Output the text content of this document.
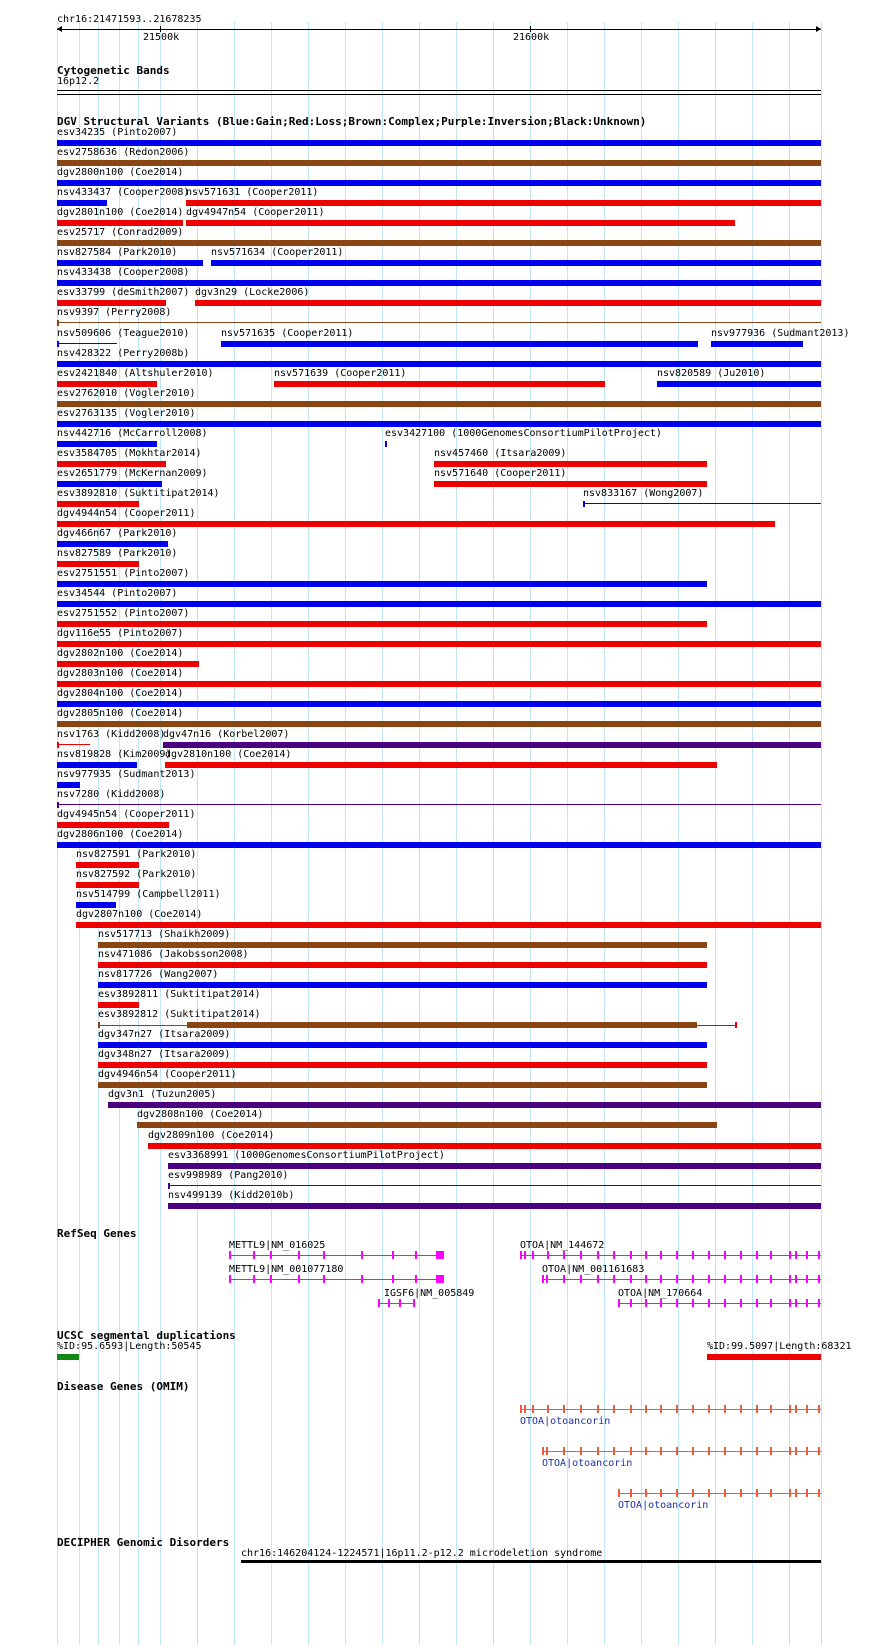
chr16:21471593..21678235
21500k	21600k
Cytogenetic Bands
16p12.2
DGV Structural Variants (Blue:Gain;Red:Loss;Brown:Complex;Purple:Inversion;Black:Unknown)
esv34235 (Pinto2007)
esv2758636 (Redon2006)
dgv2800n100 (Coe2014)
nsv433437 (Cooper2008)
nsv571631 (Cooper2011)
dgv2801n100 (Coe2014) dgv4947n54 (Cooper2011)
esv25717 (Conrad2009)
nsv827584 (Park2010)	nsv571634 (Cooper2011)
nsv433438 (Cooper2008)
esv33799 (deSmith2007) dgv3n29 (Locke2006)
nsv9397 (Perry2008)
nsv509606 (Teague2010)	nsv571635 (Cooper2011)	nsv977936 (Sudmant2013)
nsv428322 (Perry2008b)
esv2421840 (Altshuler2010)	nsv571639 (Cooper2011)	nsv820589 (Ju2010)
esv2762010 (Vogler2010)
esv2763135 (Vogler2010)
nsv442716 (McCarroll2008)	esv3427100 (1000GenomesConsortiumPilotProject)
esv3584705 (Mokhtar2014)	nsv457460 (Itsara2009)
esv2651779 (McKernan2009)	nsv571640 (Cooper2011)
esv3892810 (Suktitipat2014)	nsv833167 (Wong2007)
dgv4944n54 (Cooper2011)
dgv466n67 (Park2010)
nsv827589 (Park2010)
esv2751551 (Pinto2007)
esv34544 (Pinto2007)
esv2751552 (Pinto2007)
dgv116e55 (Pinto2007)
dgv2802n100 (Coe2014)
dgv2803n100 (Coe2014)
dgv2804n100 (Coe2014)
dgv2805n100 (Coe2014)
nsv1763 (Kidd2008)
dgv47n16 (Korbel2007)
nsv819828 (Kim2009)
dgv2810n100 (Coe2014)
nsv977935 (Sudmant2013)
nsv7280 (Kidd2008)
dgv4945n54 (Cooper2011)
dgv2806n100 (Coe2014)
nsv827591 (Park2010)
nsv827592 (Park2010)
nsv514799 (Campbell2011)
dgv2807n100 (Coe2014)
nsv517713 (Shaikh2009)
nsv471086 (Jakobsson2008)
nsv817726 (Wang2007)
esv3892811 (Suktitipat2014)
esv3892812 (Suktitipat2014)
dgv347n27 (Itsara2009)
dgv348n27 (Itsara2009)
dgv4946n54 (Cooper2011)
dgv3n1 (Tuzun2005)
dgv2808n100 (Coe2014)
dgv2809n100 (Coe2014)
esv3368991 (1000GenomesConsortiumPilotProject)
esv998989 (Pang2010)
nsv499139 (Kidd2010b)
RefSeq Genes
METTL9|NM_016025
METTL9|NM_001077180
IGSF6|NM_005849
OTOA|NM_144672
OTOA|NM_001161683
OTOA|NM_170664
UCSC segmental duplications
%ID:95.6593|Length:50545	%ID:99.5097|Length:68321
Disease Genes (OMIM)
OTOA|otoancorin
OTOA|otoancorin
OTOA|otoancorin
DECIPHER Genomic Disorders
chr16:146204124-1224571|16p11.2-p12.2 microdeletion syndrome
